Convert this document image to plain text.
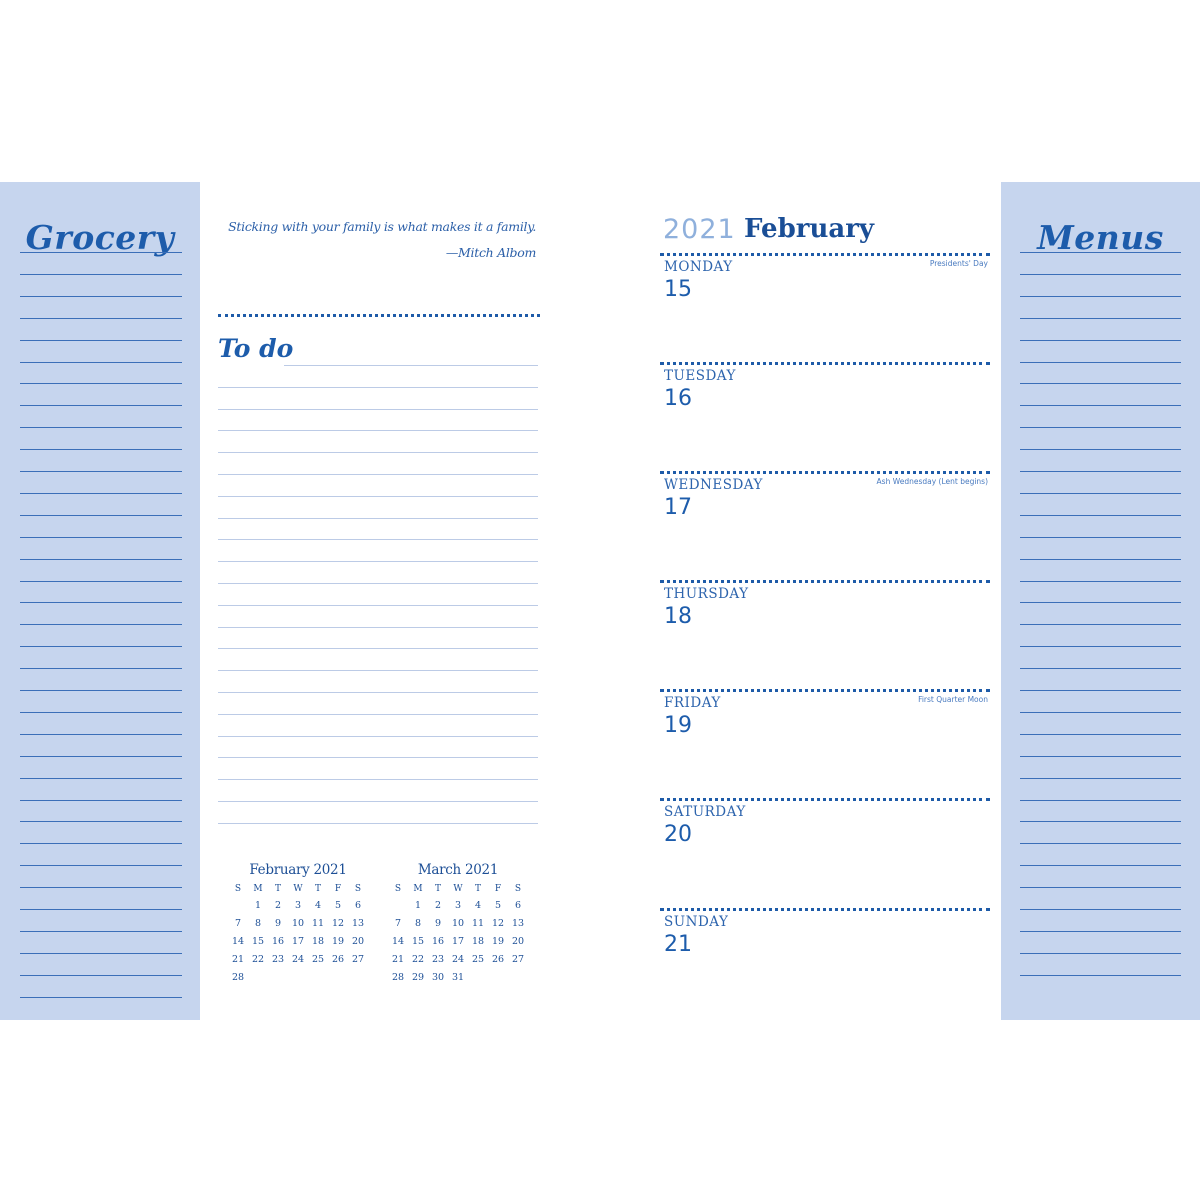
Grocery	Sticking with your family is what makes it a family.
—Mitch Albom
To do
February 2021
S	M	T	W	T	F	S
	1	2	3	4	5	6
7	8	9	10	11	12	13
14	15	16	17	18	19	20
21	22	23	24	25	26	27
28						
March 2021
S	M	T	W	T	F	S
	1	2	3	4	5	6
7	8	9	10	11	12	13
14	15	16	17	18	19	20
21	22	23	24	25	26	27
28	29	30	31			
2021 February
MONDAY
15
Presidents' Day
TUESDAY
16
WEDNESDAY
17
Ash Wednesday (Lent begins)
THURSDAY
18
FRIDAY
19
First Quarter Moon
SATURDAY
20
SUNDAY
21
Menus
